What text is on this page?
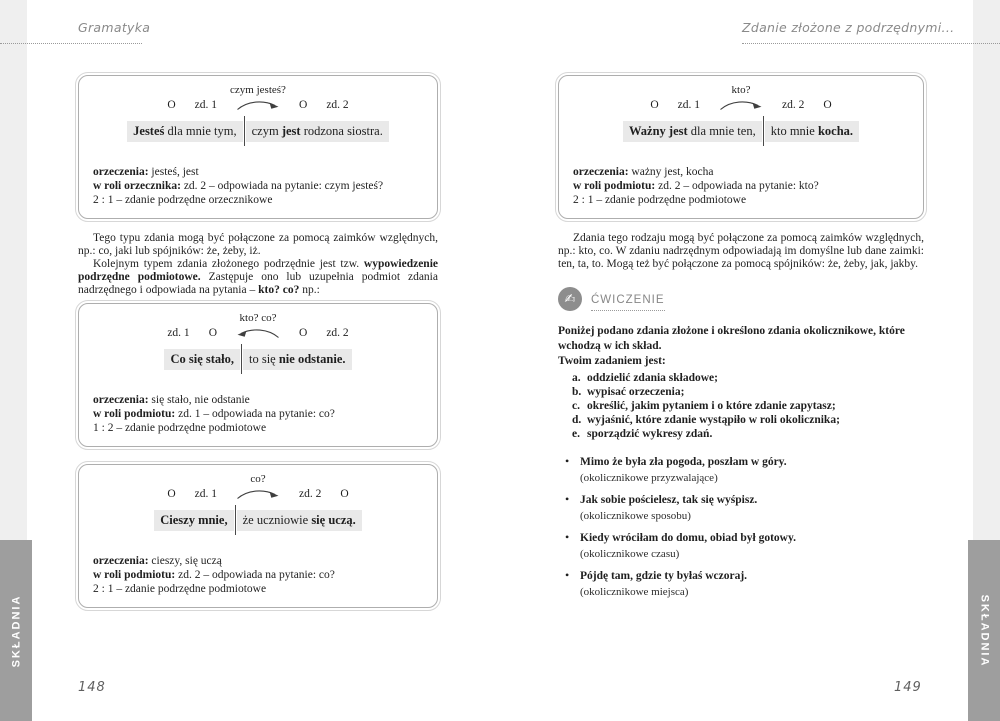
Gramatyka	Zdanie złożone z podrzędnymi...
SKŁADNIA	SKŁADNIA
148	149
czym jesteś?
O zd. 1	O zd. 2
Jesteś dla mnie tym,	czym jest rodzona siostra.
orzeczenia: jesteś, jest
w roli orzecznika: zd. 2 – odpowiada na pytanie: czym jesteś?
2 : 1 – zdanie podrzędne orzecznikowe

Tego typu zdania mogą być połączone za pomocą zaimków względnych, np.: co, jaki lub spójników: że, żeby, iż.

Kolejnym typem zdania złożonego podrzędnie jest tzw. wypowiedzenie podrzędne podmiotowe. Zastępuje ono lub uzupełnia podmiot zdania nadrzędnego i odpowiada na pytania – kto? co? np.:

kto? co?
zd. 1 O	O zd. 2
Co się stało,	to się nie odstanie.
orzeczenia: się stało, nie odstanie
w roli podmiotu: zd. 1 – odpowiada na pytanie: co?
1 : 2 – zdanie podrzędne podmiotowe
co?
O zd. 1	zd. 2 O
Cieszy mnie,	że uczniowie się uczą.
orzeczenia: cieszy, się uczą
w roli podmiotu: zd. 2 – odpowiada na pytanie: co?
2 : 1 – zdanie podrzędne podmiotowe
kto?
O zd. 1	zd. 2 O
Ważny jest dla mnie ten,	kto mnie kocha.
orzeczenia: ważny jest, kocha
w roli podmiotu: zd. 2 – odpowiada na pytanie: kto?
2 : 1 – zdanie podrzędne podmiotowe

Zdania tego rodzaju mogą być połączone za pomocą zaimków względnych, np.: kto, co. W zdaniu nadrzędnym odpowiadają im domyślne lub dane zaimki: ten, ta, to. Mogą też być połączone za pomocą spójników: że, żeby, jak, jakby.

✍	ĆWICZENIE
Poniżej podano zdania złożone i określono zdania okolicznikowe, które wchodzą w ich skład.
Twoim zadaniem jest:
a. oddzielić zdania składowe;
b. wypisać orzeczenia;
c. określić, jakim pytaniem i o które zdanie zapytasz;
d. wyjaśnić, które zdanie wystąpiło w roli okolicznika;
e. sporządzić wykresy zdań.
• Mimo że była zła pogoda, poszłam w góry.
(okolicznikowe przyzwalające)
• Jak sobie pościelesz, tak się wyśpisz.
(okolicznikowe sposobu)
• Kiedy wróciłam do domu, obiad był gotowy.
(okolicznikowe czasu)
• Pójdę tam, gdzie ty byłaś wczoraj.
(okolicznikowe miejsca)
